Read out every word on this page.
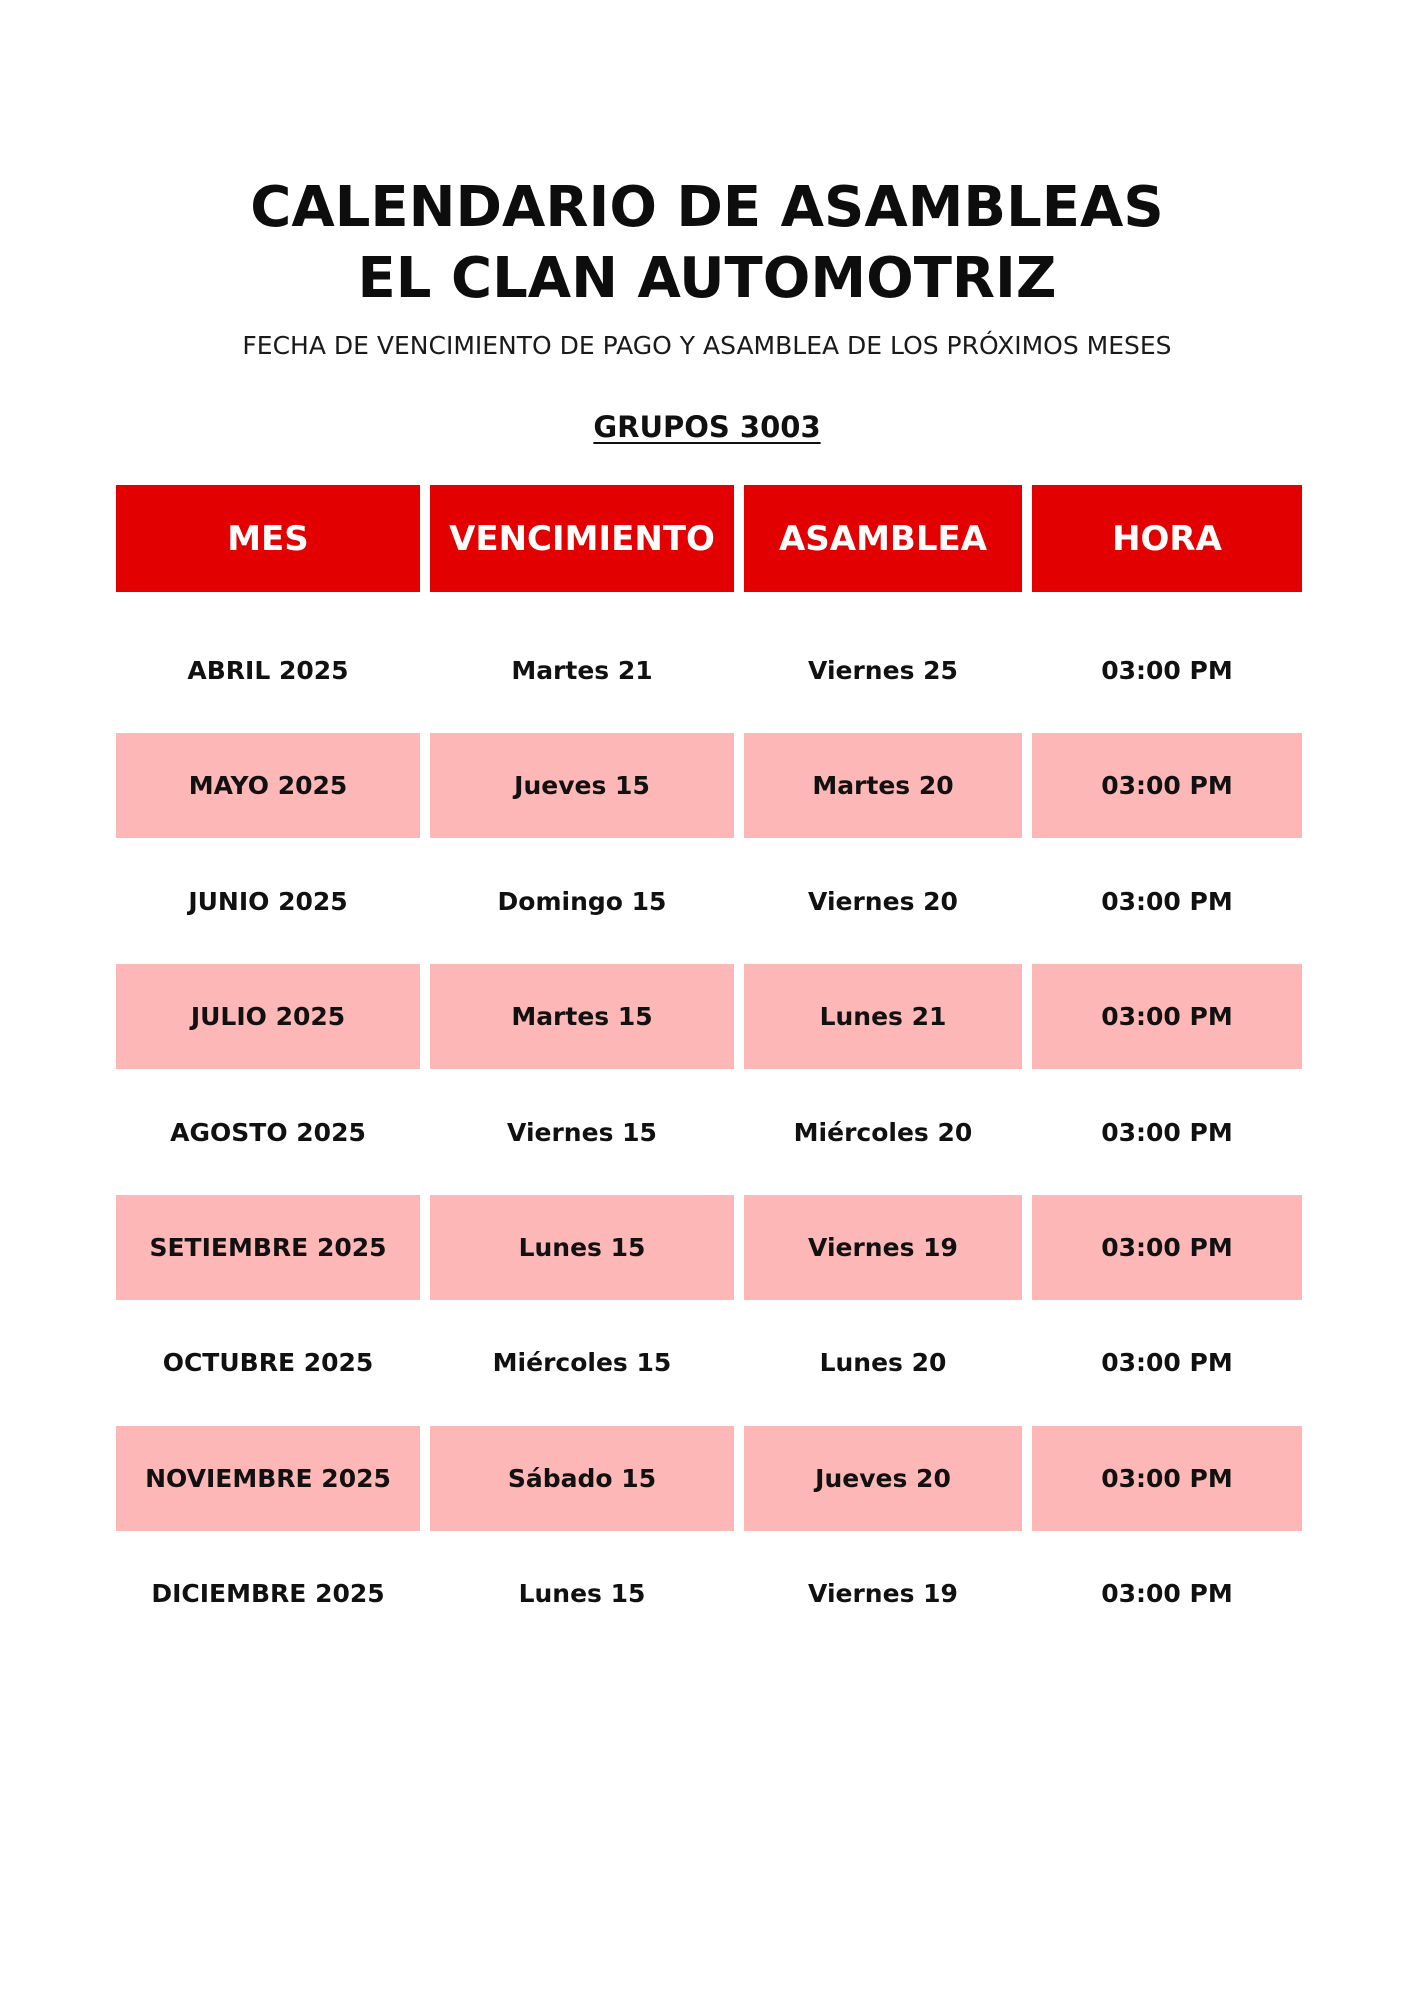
CALENDARIO DE ASAMBLEAS
EL CLAN AUTOMOTRIZ
FECHA DE VENCIMIENTO DE PAGO Y ASAMBLEA DE LOS PRÓXIMOS MESES
GRUPOS 3003
MES	VENCIMIENTO	ASAMBLEA	HORA
ABRIL 2025	Martes 21	Viernes 25	03:00 PM
MAYO 2025	Jueves 15	Martes 20	03:00 PM
JUNIO 2025	Domingo 15	Viernes 20	03:00 PM
JULIO 2025	Martes 15	Lunes 21	03:00 PM
AGOSTO 2025	Viernes 15	Miércoles 20	03:00 PM
SETIEMBRE 2025	Lunes 15	Viernes 19	03:00 PM
OCTUBRE 2025	Miércoles 15	Lunes 20	03:00 PM
NOVIEMBRE 2025	Sábado 15	Jueves 20	03:00 PM
DICIEMBRE 2025	Lunes 15	Viernes 19	03:00 PM
